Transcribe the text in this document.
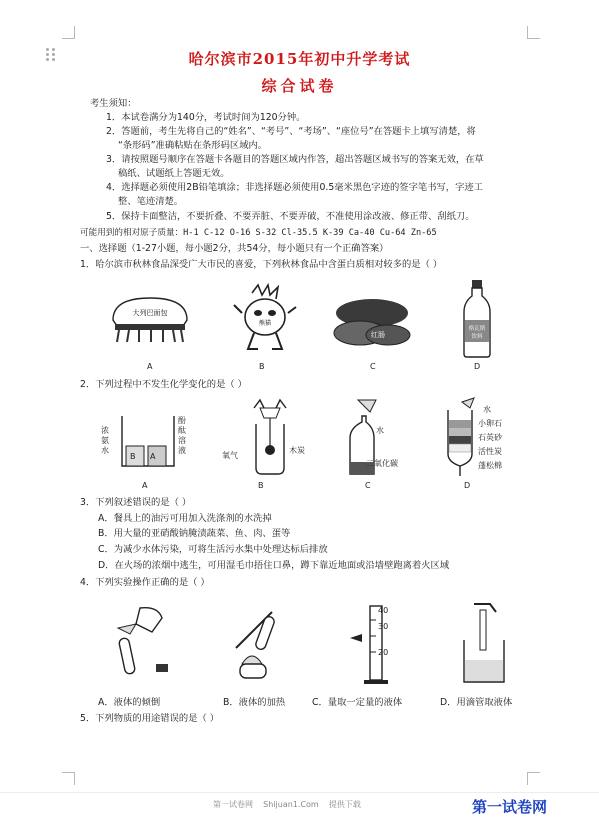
哈尔滨市2015年初中升学考试
综合试卷
考生须知：
1．本试卷满分为140分，考试时间为120分钟。
2．答题前，考生先将自己的“姓名”、“考号”、“考场”、“座位号”在答题卡上填写清楚，将
“条形码”准确粘贴在条形码区域内。
3．请按照题号顺序在答题卡各题目的答题区域内作答，超出答题区域书写的答案无效，在草
稿纸、试题纸上答题无效。
4．选择题必须使用2B铅笔填涂；非选择题必须使用0.5毫米黑色字迹的签字笔书写，字迹工
整、笔迹清楚。
5．保持卡面整洁，不要折叠、不要弄脏、不要弄破，不准使用涂改液、修正带、刮纸刀。
可能用到的相对原子质量：H-1 C-12 O-16 S-32 Cl-35.5 K-39 Ca-40 Cu-64 Zn-65
一、选择题（1-27小题，每小题2分，共54分，每小题只有一个正确答案）
1．哈尔滨市秋林食品深受广大市民的喜爱，下列秋林食品中含蛋白质相对较多的是（ ）
大列巴面包
熊猫
红肠
格瓦斯
饮料
A	B	C	D
2．下列过程中不发生化学变化的是（ ）
浓
氨
水
酚
酞
溶
液
B A	氧气
木炭
水
二氧化碳
水
小卵石
石英砂
活性炭
蓬松棉
A	B	C	D
3．下列叙述错误的是（ ）
A．餐具上的油污可用加入洗涤剂的水洗掉
B．用大量的亚硝酸钠腌渍蔬菜、鱼、肉、蛋等
C．为减少水体污染，可将生活污水集中处理达标后排放
D．在火场的浓烟中逃生，可用湿毛巾捂住口鼻，蹲下靠近地面或沿墙壁跑离着火区域
4．下列实验操作正确的是（ ）
40
30
20
A．液体的倾倒	B．液体的加热	C．量取一定量的液体	D．用滴管取液体
5．下列物质的用途错误的是（ ）
第一试卷网    Shijuan1.Com    提供下载	第一试卷网
